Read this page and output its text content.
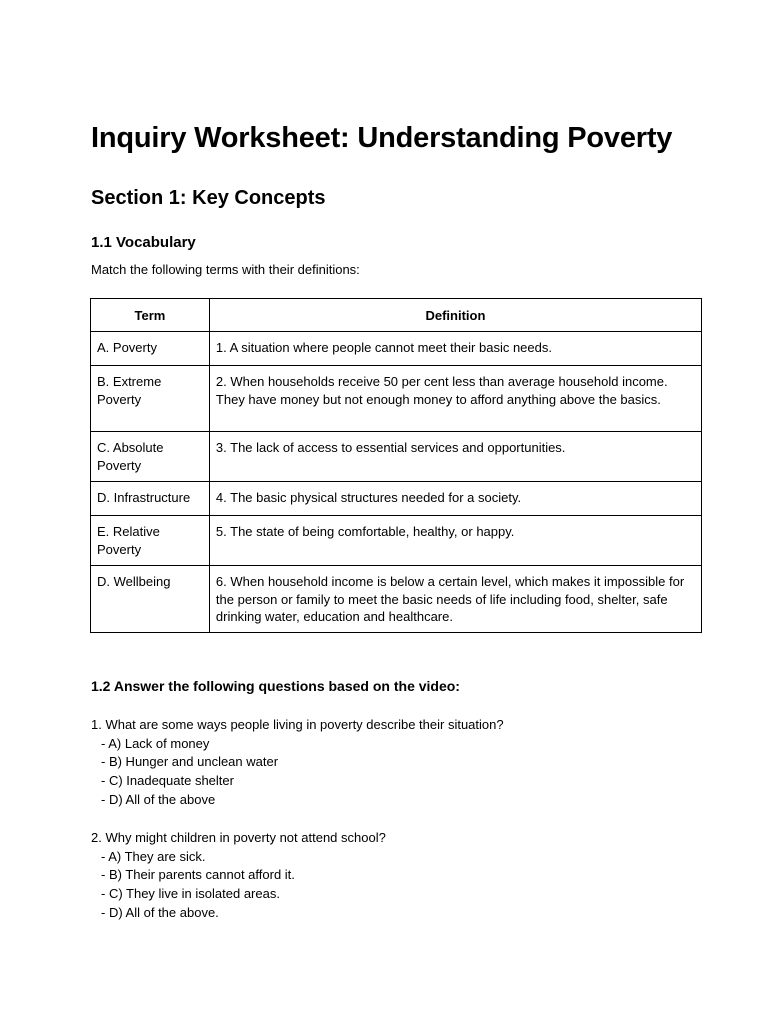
Inquiry Worksheet: Understanding Poverty
Section 1: Key Concepts
1.1 Vocabulary

Match the following terms with their definitions:

Term	Definition

A. Poverty	1. A situation where people cannot meet their basic needs.

B. Extreme Poverty	2. When households receive 50 per cent less than average household income. They have money but not enough money to afford anything above the basics.

C. Absolute Poverty	3. The lack of access to essential services and opportunities.

D. Infrastructure	4. The basic physical structures needed for a society.

E. Relative Poverty	5. The state of being comfortable, healthy, or happy.

D. Wellbeing	6. When household income is below a certain level, which makes it impossible for the person or family to meet the basic needs of life including food, shelter, safe drinking water, education and healthcare.
1.2 Answer the following questions based on the video:
1. What are some ways people living in poverty describe their situation?
- A) Lack of money
- B) Hunger and unclean water
- C) Inadequate shelter
- D) All of the above
2. Why might children in poverty not attend school?
- A) They are sick.
- B) Their parents cannot afford it.
- C) They live in isolated areas.
- D) All of the above.
